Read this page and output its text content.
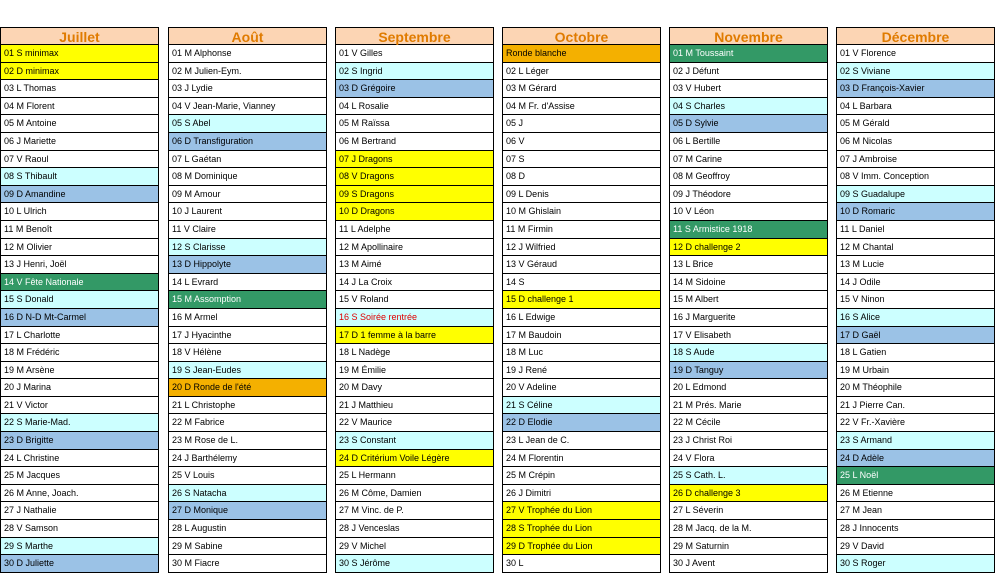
Juillet
01 S minimax
02 D minimax
03 L Thomas
04 M Florent
05 M Antoine
06 J Mariette
07 V Raoul
08 S Thibault
09 D Amandine
10 L Ulrich
11 M Benoît
12 M Olivier
13 J Henri, Joël
14 V Fête Nationale
15 S Donald
16 D N-D Mt-Carmel
17 L Charlotte
18 M Frédéric
19 M Arsène
20 J Marina
21 V Victor
22 S Marie-Mad.
23 D Brigitte
24 L Christine
25 M Jacques
26 M Anne, Joach.
27 J Nathalie
28 V Samson
29 S Marthe
30 D Juliette
Août
01 M Alphonse
02 M Julien-Eym.
03 J Lydie
04 V Jean-Marie, Vianney
05 S Abel
06 D Transfiguration
07 L Gaétan
08 M Dominique
09 M Amour
10 J Laurent
11 V Claire
12 S Clarisse
13 D Hippolyte
14 L Evrard
15 M Assomption
16 M Armel
17 J Hyacinthe
18 V Hélène
19 S Jean-Eudes
20 D Ronde de l'été
21 L Christophe
22 M Fabrice
23 M Rose de L.
24 J Barthélemy
25 V Louis
26 S Natacha
27 D Monique
28 L Augustin
29 M Sabine
30 M Fiacre
Septembre
01 V Gilles
02 S Ingrid
03 D Grégoire
04 L Rosalie
05 M Raïssa
06 M Bertrand
07 J Dragons
08 V Dragons
09 S Dragons
10 D Dragons
11 L Adelphe
12 M Apollinaire
13 M Aimé
14 J La Croix
15 V Roland
16 S Soirée rentrée
17 D 1 femme à la barre
18 L Nadège
19 M Émilie
20 M Davy
21 J Matthieu
22 V Maurice
23 S Constant
24 D Critérium Voile Légère
25 L Hermann
26 M Côme, Damien
27 M Vinc. de P.
28 J Venceslas
29 V Michel
30 S Jérôme
Octobre
Ronde blanche
02 L Léger
03 M Gérard
04 M Fr. d'Assise
05 J
06 V
07 S
08 D
09 L Denis
10 M Ghislain
11 M Firmin
12 J Wilfried
13 V Géraud
14 S
15 D challenge 1
16 L Edwige
17 M Baudoin
18 M Luc
19 J René
20 V Adeline
21 S Céline
22 D Elodie
23 L Jean de C.
24 M Florentin
25 M Crépin
26 J Dimitri
27 V Trophée du Lion
28 S Trophée du Lion
29 D Trophée du Lion
30 L
Novembre
01 M Toussaint
02 J Défunt
03 V Hubert
04 S Charles
05 D Sylvie
06 L Bertille
07 M Carine
08 M Geoffroy
09 J Théodore
10 V Léon
11 S Armistice 1918
12 D challenge 2
13 L Brice
14 M Sidoine
15 M Albert
16 J Marguerite
17 V Elisabeth
18 S Aude
19 D Tanguy
20 L Edmond
21 M Prés. Marie
22 M Cécile
23 J Christ Roi
24 V Flora
25 S Cath. L.
26 D challenge 3
27 L Séverin
28 M Jacq. de la M.
29 M Saturnin
30 J Avent
Décembre
01 V Florence
02 S Viviane
03 D François-Xavier
04 L Barbara
05 M Gérald
06 M Nicolas
07 J Ambroise
08 V Imm. Conception
09 S Guadalupe
10 D Romaric
11 L Daniel
12 M Chantal
13 M Lucie
14 J Odile
15 V Ninon
16 S Alice
17 D Gaël
18 L Gatien
19 M Urbain
20 M Théophile
21 J Pierre Can.
22 V Fr.-Xavière
23 S Armand
24 D Adèle
25 L Noël
26 M Etienne
27 M Jean
28 J Innocents
29 V David
30 S Roger
